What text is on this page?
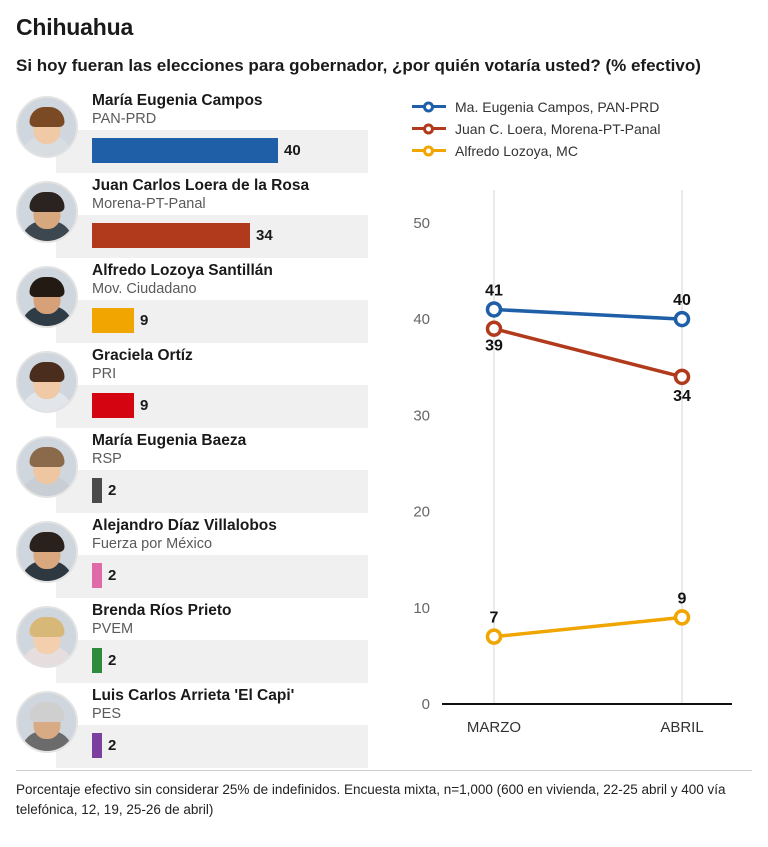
Chihuahua
Si hoy fueran las elecciones para gobernador, ¿por quién votaría usted? (% efectivo)
María Eugenia Campos
PAN-PRD
40
Juan Carlos Loera de la Rosa
Morena-PT-Panal
34
Alfredo Lozoya Santillán
Mov. Ciudadano
9
Graciela Ortíz
PRI
9
María Eugenia Baeza
RSP
2
Alejandro Díaz Villalobos
Fuerza por México
2
Brenda Ríos Prieto
PVEM
2
Luis Carlos Arrieta 'El Capi'
PES
2
Ma. Eugenia Campos, PAN-PRD
Juan C. Loera, Morena-PT-Panal
Alfredo Lozoya, MC
0
10
20
30
40
50
MARZO	ABRIL
41
40
39
34
7
9
Porcentaje efectivo sin considerar 25% de indefinidos. Encuesta mixta, n=1,000 (600 en vivienda, 22-25 abril y 400 vía telefónica, 12, 19, 25-26 de abril)
